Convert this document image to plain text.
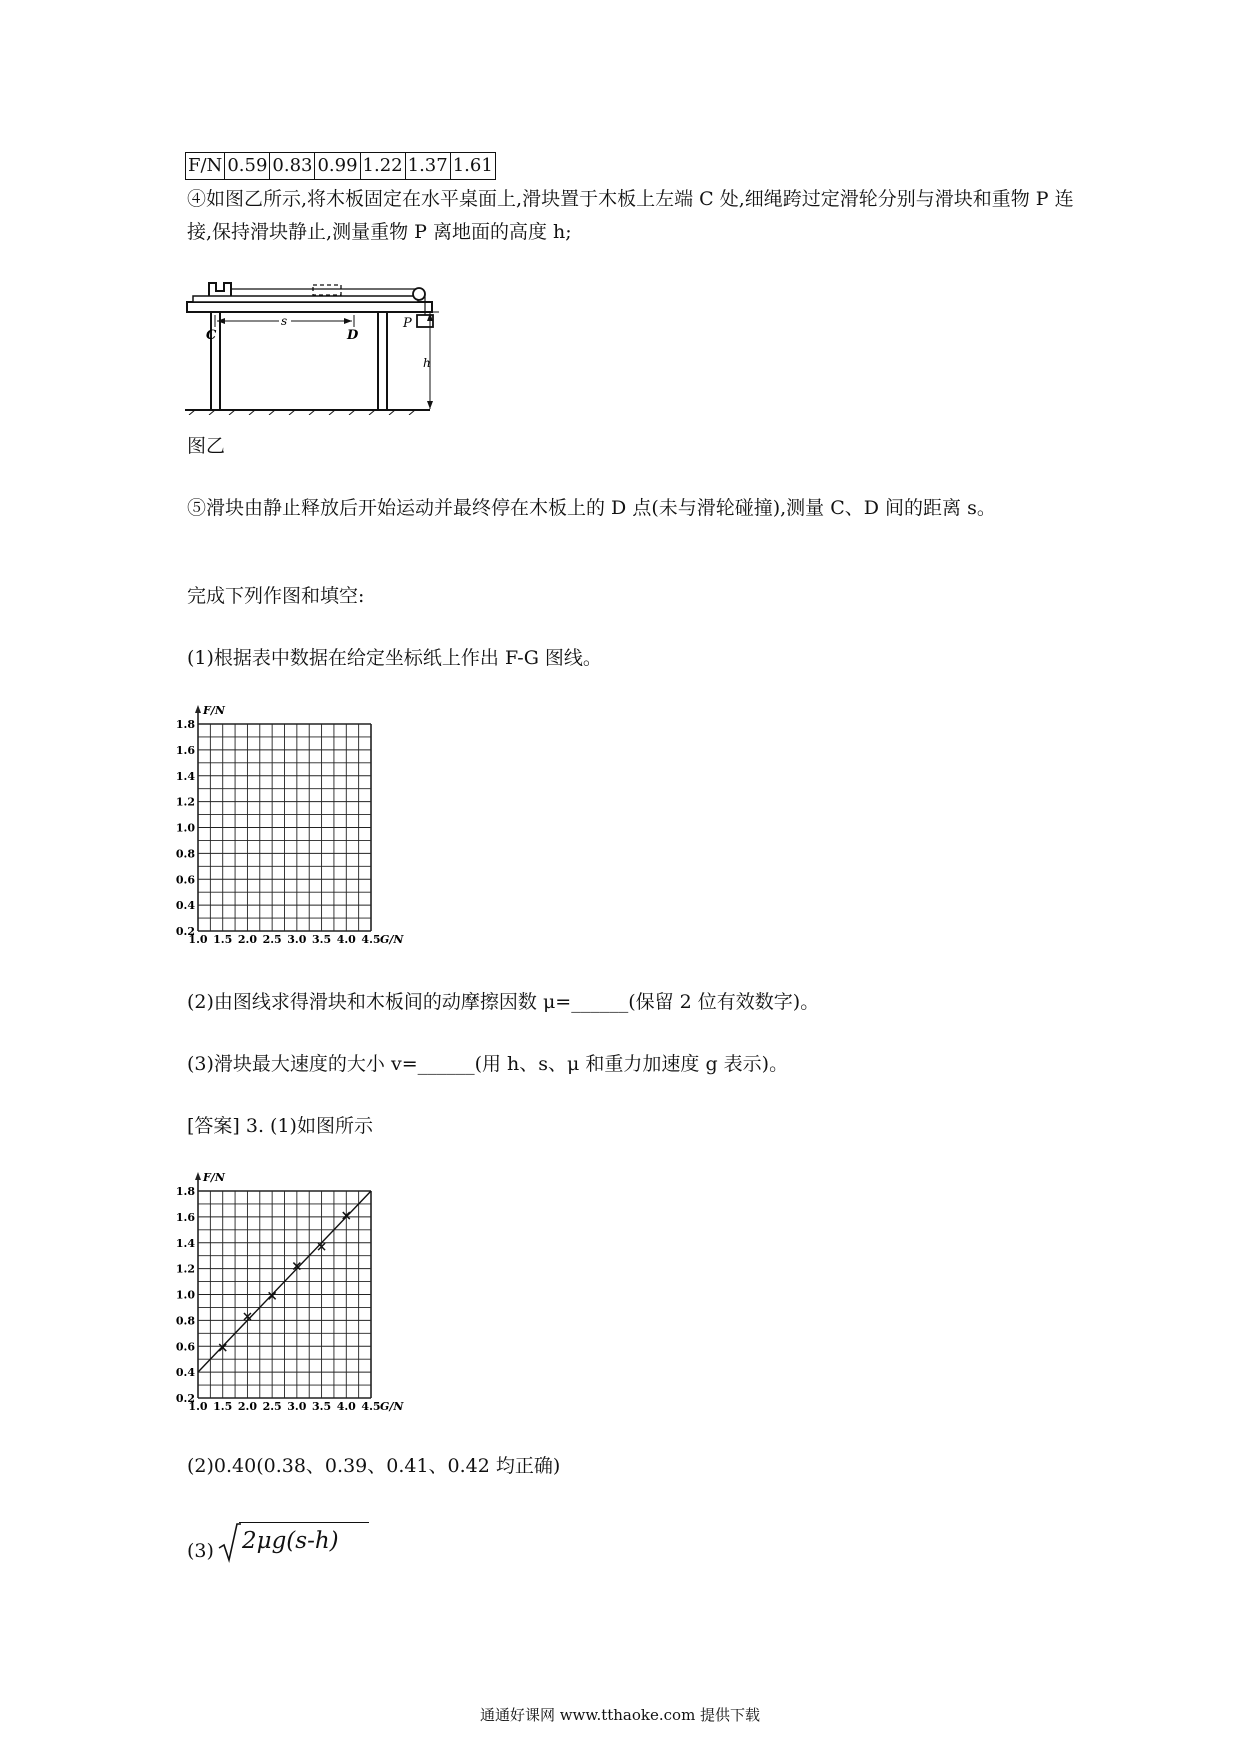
F/N	0.59	0.83	0.99	1.22	1.37	1.61
④如图乙所示,将木板固定在水平桌面上,滑块置于木板上左端 C 处,细绳跨过定滑轮分别与滑块和重物 P 连接,保持滑块静止,测量重物 P 离地面的高度 h;
P
h
s
C	D
图乙
⑤滑块由静止释放后开始运动并最终停在木板上的 D 点(未与滑轮碰撞),测量 C、D 间的距离 s。
完成下列作图和填空:
(1)根据表中数据在给定坐标纸上作出 F-G 图线。
F/N
0.2
0.4
0.6
0.8
1.0
1.2
1.4
1.6
1.8
1.0 1.5 2.0 2.5 3.0 3.5 4.0 4.5 G/N
(2)由图线求得滑块和木板间的动摩擦因数 μ=______(保留 2 位有效数字)。
(3)滑块最大速度的大小 v=______(用 h、s、μ 和重力加速度 g 表示)。
[答案] 3. (1)如图所示
F/N
0.2
0.4
0.6
0.8
1.0
1.2
1.4
1.6
1.8
1.0 1.5 2.0 2.5 3.0 3.5 4.0 4.5 G/N
(2)0.40(0.38、0.39、0.41、0.42 均正确)
(3) 2μg(s-h)
通通好课网 www.tthaoke.com 提供下载
